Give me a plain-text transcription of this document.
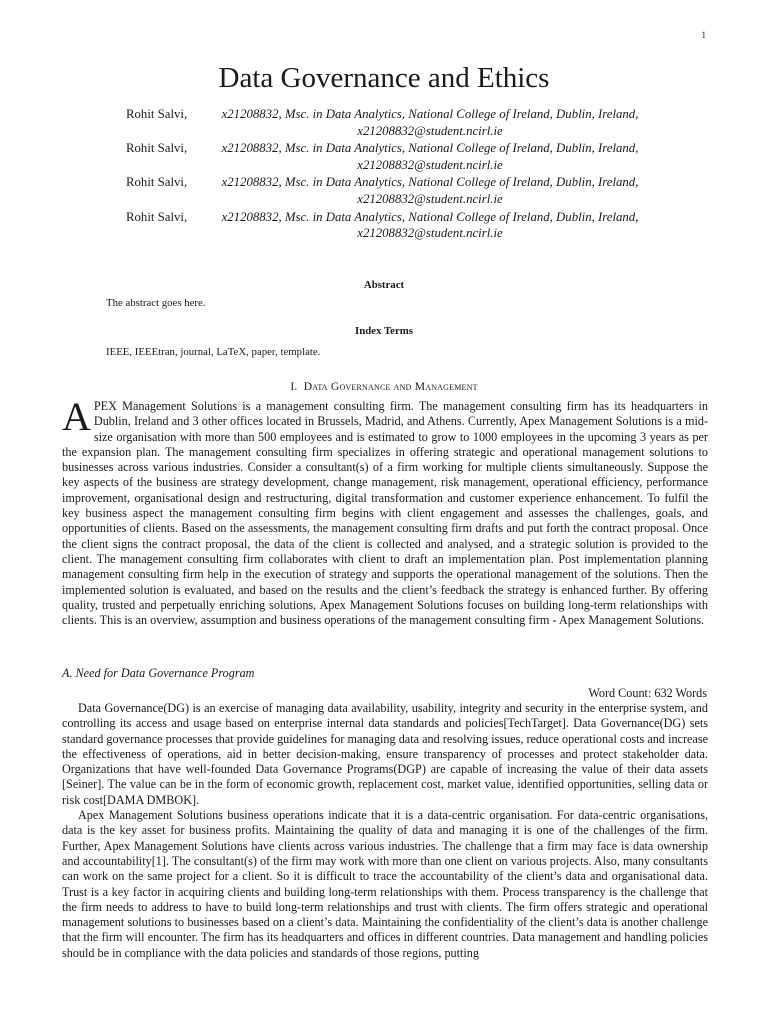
1
Data Governance and Ethics
Rohit Salvi,	x21208832, Msc. in Data Analytics, National College of Ireland, Dublin, Ireland, x21208832@student.ncirl.ie
Rohit Salvi,	x21208832, Msc. in Data Analytics, National College of Ireland, Dublin, Ireland, x21208832@student.ncirl.ie
Rohit Salvi,	x21208832, Msc. in Data Analytics, National College of Ireland, Dublin, Ireland, x21208832@student.ncirl.ie
Rohit Salvi,	x21208832, Msc. in Data Analytics, National College of Ireland, Dublin, Ireland, x21208832@student.ncirl.ie
Abstract
The abstract goes here.
Index Terms
IEEE, IEEEtran, journal, LaTeX, paper, template.
I. Data Governance and Management
A PEX Management Solutions is a management consulting firm. The management consulting firm has its headquarters in Dublin, Ireland and 3 other offices located in Brussels, Madrid, and Athens. Currently, Apex Management Solutions is a mid-size organisation with more than 500 employees and is estimated to grow to 1000 employees in the upcoming 3 years as per the expansion plan. The management consulting firm specializes in offering strategic and operational management solutions to businesses across various industries. Consider a consultant(s) of a firm working for multiple clients simultaneously. Suppose the key aspects of the business are strategy development, change management, risk management, operational efficiency, performance improvement, organisational design and restructuring, digital transformation and customer experience enhancement. To fulfil the key business aspect the management consulting firm begins with client engagement and assesses the challenges, goals, and opportunities of clients. Based on the assessments, the management consulting firm drafts and put forth the contract proposal. Once the client signs the contract proposal, the data of the client is collected and analysed, and a strategic solution is provided to the client. The management consulting firm collaborates with client to draft an implementation plan. Post implementation planning management consulting firm help in the execution of strategy and supports the operational management of the solutions. Then the implemented solution is evaluated, and based on the results and the client’s feedback the strategy is enhanced further. By offering quality, trusted and perpetually enriching solutions, Apex Management Solutions focuses on building long-term relationships with clients. This is an overview, assumption and business operations of the management consulting firm - Apex Management Solutions.

A. Need for Data Governance Program
Word Count: 632 Words

Data Governance(DG) is an exercise of managing data availability, usability, integrity and security in the enterprise system, and controlling its access and usage based on enterprise internal data standards and policies[TechTarget]. Data Governance(DG) sets standard governance processes that provide guidelines for managing data and resolving issues, reduce operational costs and increase the effectiveness of operations, aid in better decision-making, ensure transparency of processes and protect stakeholder data. Organizations that have well-founded Data Governance Programs(DGP) are capable of increasing the value of their data assets [Seiner]. The value can be in the form of economic growth, replacement cost, market value, identified opportunities, selling data or risk cost[DAMA DMBOK].

Apex Management Solutions business operations indicate that it is a data-centric organisation. For data-centric organisations, data is the key asset for business profits. Maintaining the quality of data and managing it is one of the challenges of the firm. Further, Apex Management Solutions have clients across various industries. The challenge that a firm may face is data ownership and accountability[1]. The consultant(s) of the firm may work with more than one client on various projects. Also, many consultants can work on the same project for a client. So it is difficult to trace the accountability of the client’s data and organisational data. Trust is a key factor in acquiring clients and building long-term relationships with them. Process transparency is the challenge that the firm needs to address to have to build long-term relationships and trust with clients. The firm offers strategic and operational management solutions to businesses based on a client’s data. Maintaining the confidentiality of the client’s data is another challenge that the firm will encounter. The firm has its headquarters and offices in different countries. Data management and handling policies should be in compliance with the data policies and standards of those regions, putting
